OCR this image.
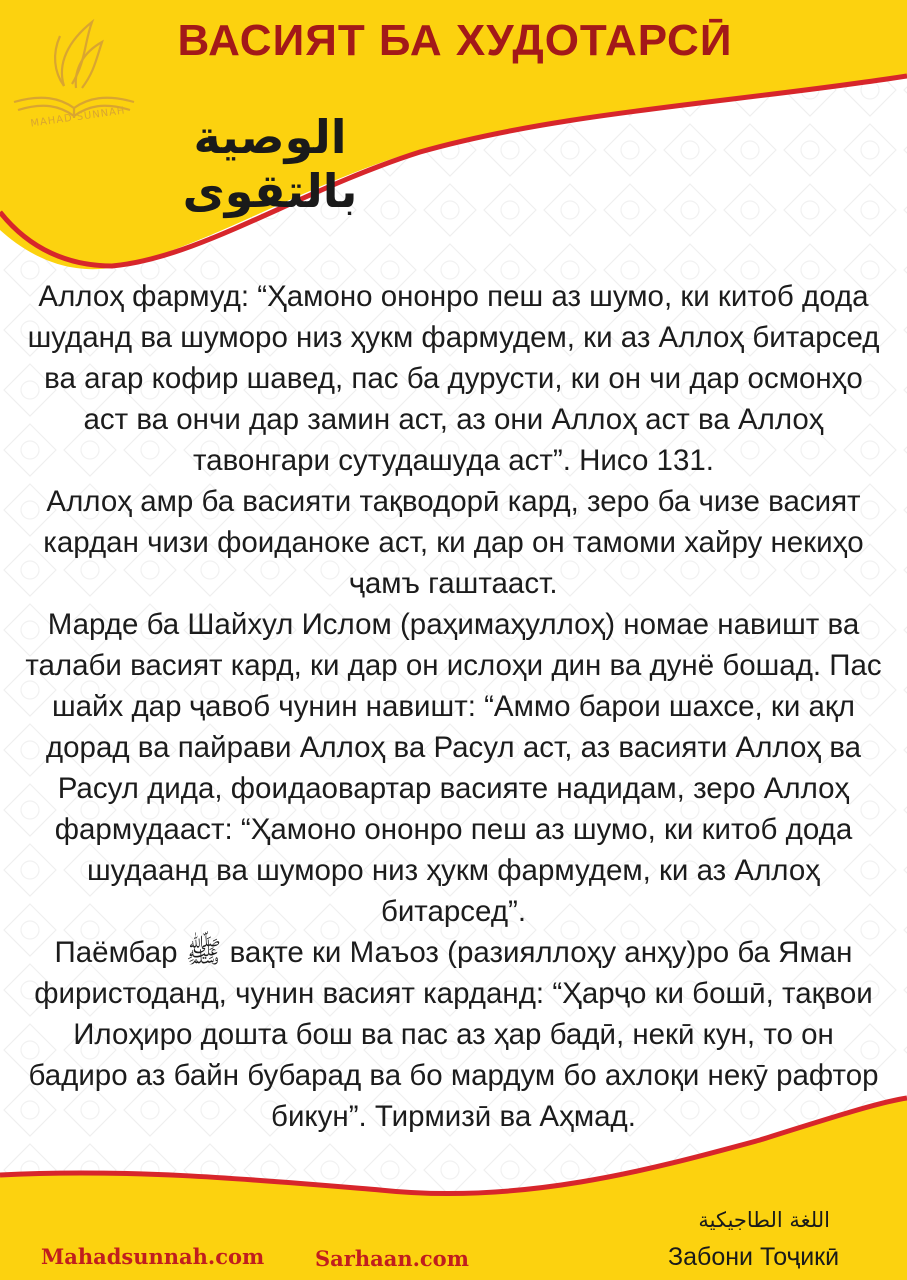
MAHAD SUNNAH
ВАСИЯТ БА ХУДОТАРСӢ
الوصية بالتقوى

Аллоҳ фармуд: “Ҳамоно ононро пеш аз шумо, ки китоб дода шуданд ва шуморо низ ҳукм фармудем, ки аз Аллоҳ битарсед ва агар кофир шавед, пас ба дурусти, ки он чи дар осмонҳо аст ва ончи дар замин аст, аз они Аллоҳ аст ва Аллоҳ тавонгари сутудашуда аст”. Нисо 131.

Аллоҳ амр ба васияти тақводорӣ кард, зеро ба чизе васият кардан чизи фоиданоке аст, ки дар он тамоми хайру некиҳо ҷамъ гаштааст.

Марде ба Шайхул Ислом (раҳимаҳуллоҳ) номае навишт ва талаби васият кард, ки дар он ислоҳи дин ва дунё бошад. Пас шайх дар ҷавоб чунин навишт: “Аммо барои шахсе, ки ақл дорад ва пайрави Аллоҳ ва Расул аст, аз васияти Аллоҳ ва Расул дида, фоидаовартар васияте надидам, зеро Аллоҳ фармудааст: “Ҳамоно ононро пеш аз шумо, ки китоб дода шудаанд ва шуморо низ ҳукм фармудем, ки аз Аллоҳ битарсед”.

Паёмбар ﷺ вақте ки Маъоз (разияллоҳу анҳу)ро ба Яман фиристоданд, чунин васият карданд: “Ҳарҷо ки бошӣ, тақвои Илоҳиро дошта бош ва пас аз ҳар бадӣ, некӣ кун, то он бадиро аз байн бубарад ва бо мардум бо ахлоқи некӯ рафтор бикун”. Тирмизӣ ва Аҳмад.

Mahadsunnah.com Sarhaan.com
اللغة الطاجيكية
Забони Тоҷикӣ
